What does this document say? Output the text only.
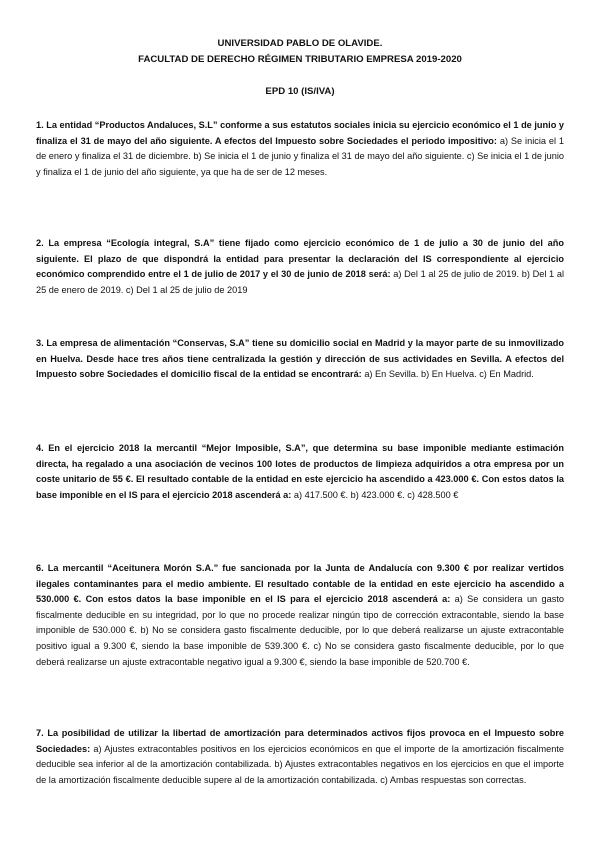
UNIVERSIDAD PABLO DE OLAVIDE.
FACULTAD DE DERECHO RÉGIMEN TRIBUTARIO EMPRESA 2019-2020
EPD 10 (IS/IVA)
1. La entidad “Productos Andaluces, S.L” conforme a sus estatutos sociales inicia su ejercicio económico el 1 de junio y finaliza el 31 de mayo del año siguiente. A efectos del Impuesto sobre Sociedades el periodo impositivo: a) Se inicia el 1 de enero y finaliza el 31 de diciembre. b) Se inicia el 1 de junio y finaliza el 31 de mayo del año siguiente. c) Se inicia el 1 de junio y finaliza el 1 de junio del año siguiente, ya que ha de ser de 12 meses.
2. La empresa “Ecología integral, S.A” tiene fijado como ejercicio económico de 1 de julio a 30 de junio del año siguiente. El plazo de que dispondrá la entidad para presentar la declaración del IS correspondiente al ejercicio económico comprendido entre el 1 de julio de 2017 y el 30 de junio de 2018 será: a) Del 1 al 25 de julio de 2019. b) Del 1 al 25 de enero de 2019. c) Del 1 al 25 de julio de 2019
3. La empresa de alimentación “Conservas, S.A” tiene su domicilio social en Madrid y la mayor parte de su inmovilizado en Huelva. Desde hace tres años tiene centralizada la gestión y dirección de sus actividades en Sevilla. A efectos del Impuesto sobre Sociedades el domicilio fiscal de la entidad se encontrará: a) En Sevilla. b) En Huelva. c) En Madrid.
4. En el ejercicio 2018 la mercantil “Mejor Imposible, S.A”, que determina su base imponible mediante estimación directa, ha regalado a una asociación de vecinos 100 lotes de productos de limpieza adquiridos a otra empresa por un coste unitario de 55 €. El resultado contable de la entidad en este ejercicio ha ascendido a 423.000 €. Con estos datos la base imponible en el IS para el ejercicio 2018 ascenderá a: a) 417.500 €. b) 423.000 €. c) 428.500 €
6. La mercantil “Aceitunera Morón S.A.” fue sancionada por la Junta de Andalucía con 9.300 € por realizar vertidos ilegales contaminantes para el medio ambiente. El resultado contable de la entidad en este ejercicio ha ascendido a 530.000 €. Con estos datos la base imponible en el IS para el ejercicio 2018 ascenderá a: a) Se considera un gasto fiscalmente deducible en su integridad, por lo que no procede realizar ningún tipo de corrección extracontable, siendo la base imponible de 530.000 €. b) No se considera gasto fiscalmente deducible, por lo que deberá realizarse un ajuste extracontable positivo igual a 9.300 €, siendo la base imponible de 539.300 €. c) No se considera gasto fiscalmente deducible, por lo que deberá realizarse un ajuste extracontable negativo igual a 9.300 €, siendo la base imponible de 520.700 €.
7. La posibilidad de utilizar la libertad de amortización para determinados activos fijos provoca en el Impuesto sobre Sociedades: a) Ajustes extracontables positivos en los ejercicios económicos en que el importe de la amortización fiscalmente deducible sea inferior al de la amortización contabilizada. b) Ajustes extracontables negativos en los ejercicios en que el importe de la amortización fiscalmente deducible supere al de la amortización contabilizada. c) Ambas respuestas son correctas.
